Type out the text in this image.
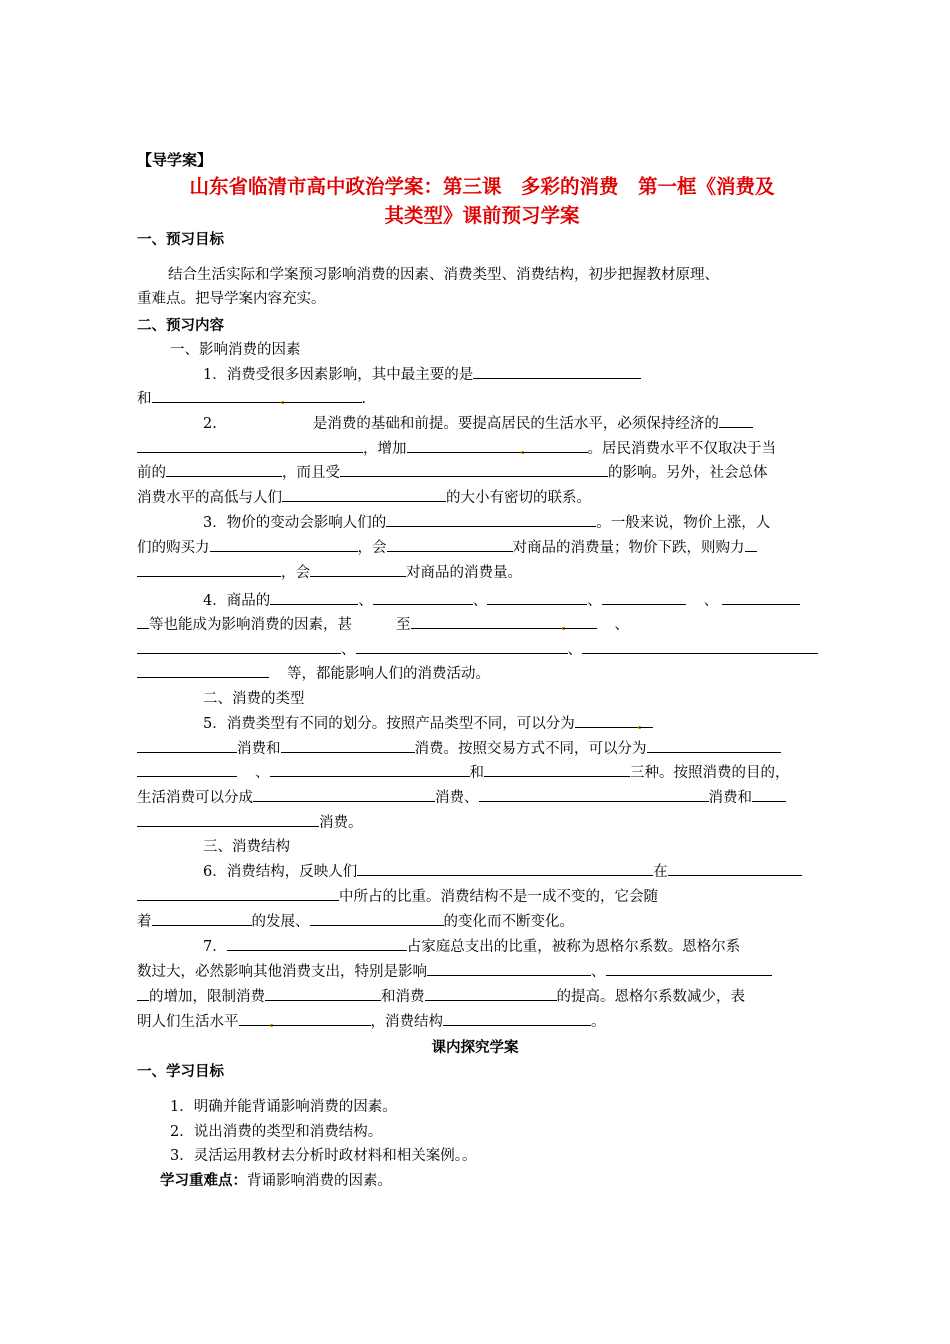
【导学案】
山东省临清市高中政治学案：第三课　多彩的消费　第一框《消费及
其类型》课前预习学案
一、预习目标
结合生活实际和学案预习影响消费的因素、消费类型、消费结构，初步把握教材原理、
重难点。把导学案内容充实。
二、预习内容
一、影响消费的因素
1．消费受很多因素影响，其中最主要的是
和	.
2.	是消费的基础和前提。要提高居民的生活水平，必须保持经济的
，增加	。居民消费水平不仅取决于当
前的	，而且受	的影响。另外，社会总体
消费水平的高低与人们	的大小有密切的联系。
3．物价的变动会影响人们的	。一般来说，物价上涨，人
们的购买力	，会	对商品的消费量；物价下跌，则购力
，会	对商品的消费量。
4．商品的	、	、	、	、
等也能成为影响消费的因素，甚	至	、
、	、
等，都能影响人们的消费活动。
二、消费的类型
5．消费类型有不同的划分。按照产品类型不同，可以分为
消费和	消费。按照交易方式不同，可以分为
、	和	三种。按照消费的目的，
生活消费可以分成	消费、	消费和
消费。
三、消费结构
6．消费结构，反映人们	在
中所占的比重。消费结构不是一成不变的，它会随
着	的发展、	的变化而不断变化。
7．	占家庭总支出的比重，被称为恩格尔系数。恩格尔系
数过大，必然影响其他消费支出，特别是影响	、
的增加，限制消费	和消费	的提高。恩格尔系数减少，表
明人们生活水平	，消费结构	。
课内探究学案
一、学习目标
1．明确并能背诵影响消费的因素。
2．说出消费的类型和消费结构。
3．灵活运用教材去分析时政材料和相关案例。。
学习重难点：背诵影响消费的因素。
